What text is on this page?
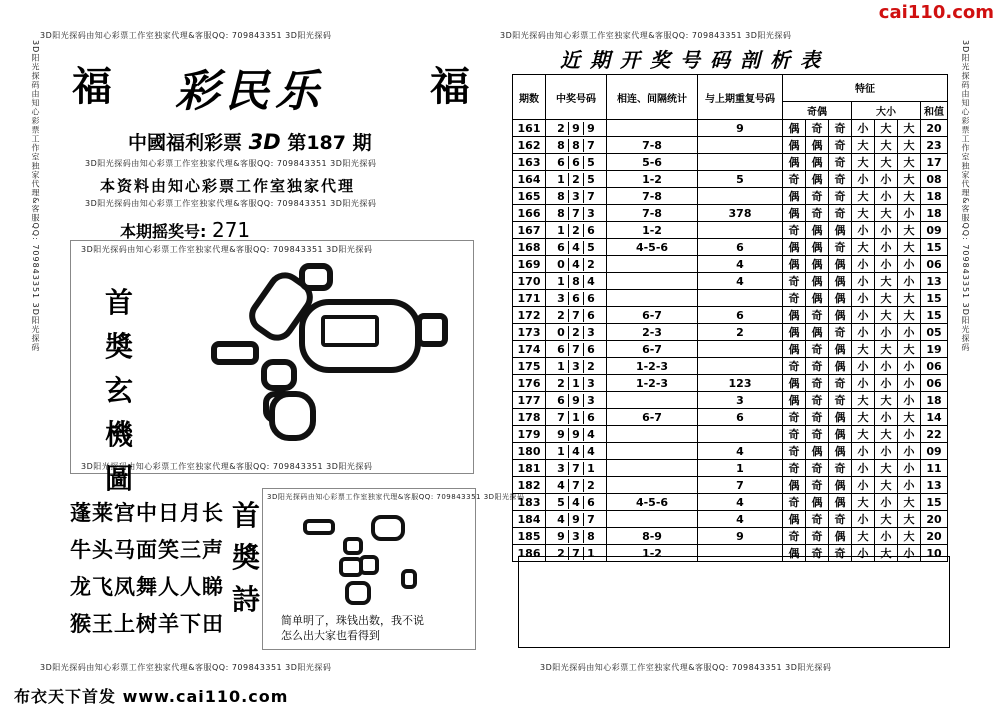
cai110.com
3D阳光探码由知心彩票工作室独家代理&客服QQ: 709843351 3D阳光探码	3D阳光探码由知心彩票工作室独家代理&客服QQ: 709843351 3D阳光探码
3D阳光探码由知心彩票工作室独家代理&客服QQ: 709843351 3D阳光探码	3D阳光探码由知心彩票工作室独家代理&客服QQ: 709843351 3D阳光探码
福 彩民乐	福
中國福利彩票 3D 第187 期
3D阳光探码由知心彩票工作室独家代理&客服QQ: 709843351 3D阳光探码
本资料由知心彩票工作室独家代理
3D阳光探码由知心彩票工作室独家代理&客服QQ: 709843351 3D阳光探码
本期摇奖号: 271
3D阳光探码由知心彩票工作室独家代理&客服QQ: 709843351 3D阳光探码
3D阳光探码由知心彩票工作室独家代理&客服QQ: 709843351 3D阳光探码
首
奬
玄
機
圖
蓬莱宫中日月长
牛头马面笑三声
龙飞凤舞人人睇
猴王上树羊下田
首
奬
詩
3D阳光探码由知心彩票工作室独家代理&客服QQ: 709843351 3D阳光探码
简单明了，珠钱出数，我不说
怎么出大家也看得到
3D阳光探码由知心彩票工作室独家代理&客服QQ: 709843351 3D阳光探码	3D阳光探码由知心彩票工作室独家代理&客服QQ: 709843351 3D阳光探码
布衣天下首发 www.cai110.com
近期开奖号码剖析表
期数	中奖号码	相连、间隔统计	与上期重复号码	特征						
				奇偶			大小			和值
161	2 9 9		9	偶	奇	奇	小	大	大	20
162	8 8 7	7-8		偶	偶	奇	大	大	大	23
163	6 6 5	5-6		偶	偶	奇	大	大	大	17
164	1 2 5	1-2	5	奇	偶	奇	小	小	大	08
165	8 3 7	7-8		偶	奇	奇	大	小	大	18
166	8 7 3	7-8	378	偶	奇	奇	大	大	小	18
167	1 2 6	1-2		奇	偶	偶	小	小	大	09
168	6 4 5	4-5-6	6	偶	偶	奇	大	小	大	15
169	0 4 2		4	偶	偶	偶	小	小	小	06
170	1 8 4		4	奇	偶	偶	小	大	小	13
171	3 6 6			奇	偶	偶	小	大	大	15
172	2 7 6	6-7	6	偶	奇	偶	小	大	大	15
173	0 2 3	2-3	2	偶	偶	奇	小	小	小	05
174	6 7 6	6-7		偶	奇	偶	大	大	大	19
175	1 3 2	1-2-3		奇	奇	偶	小	小	小	06
176	2 1 3	1-2-3	123	偶	奇	奇	小	小	小	06
177	6 9 3		3	偶	奇	奇	大	大	小	18
178	7 1 6	6-7	6	奇	奇	偶	大	小	大	14
179	9 9 4			奇	奇	偶	大	大	小	22
180	1 4 4		4	奇	偶	偶	小	小	小	09
181	3 7 1		1	奇	奇	奇	小	大	小	11
182	4 7 2		7	偶	奇	偶	小	大	小	13
183	5 4 6	4-5-6	4	奇	偶	偶	大	小	大	15
184	4 9 7		4	偶	奇	奇	小	大	大	20
185	9 3 8	8-9	9	奇	奇	偶	大	小	大	20
186	2 7 1	1-2		偶	奇	奇	小	大	小	10
